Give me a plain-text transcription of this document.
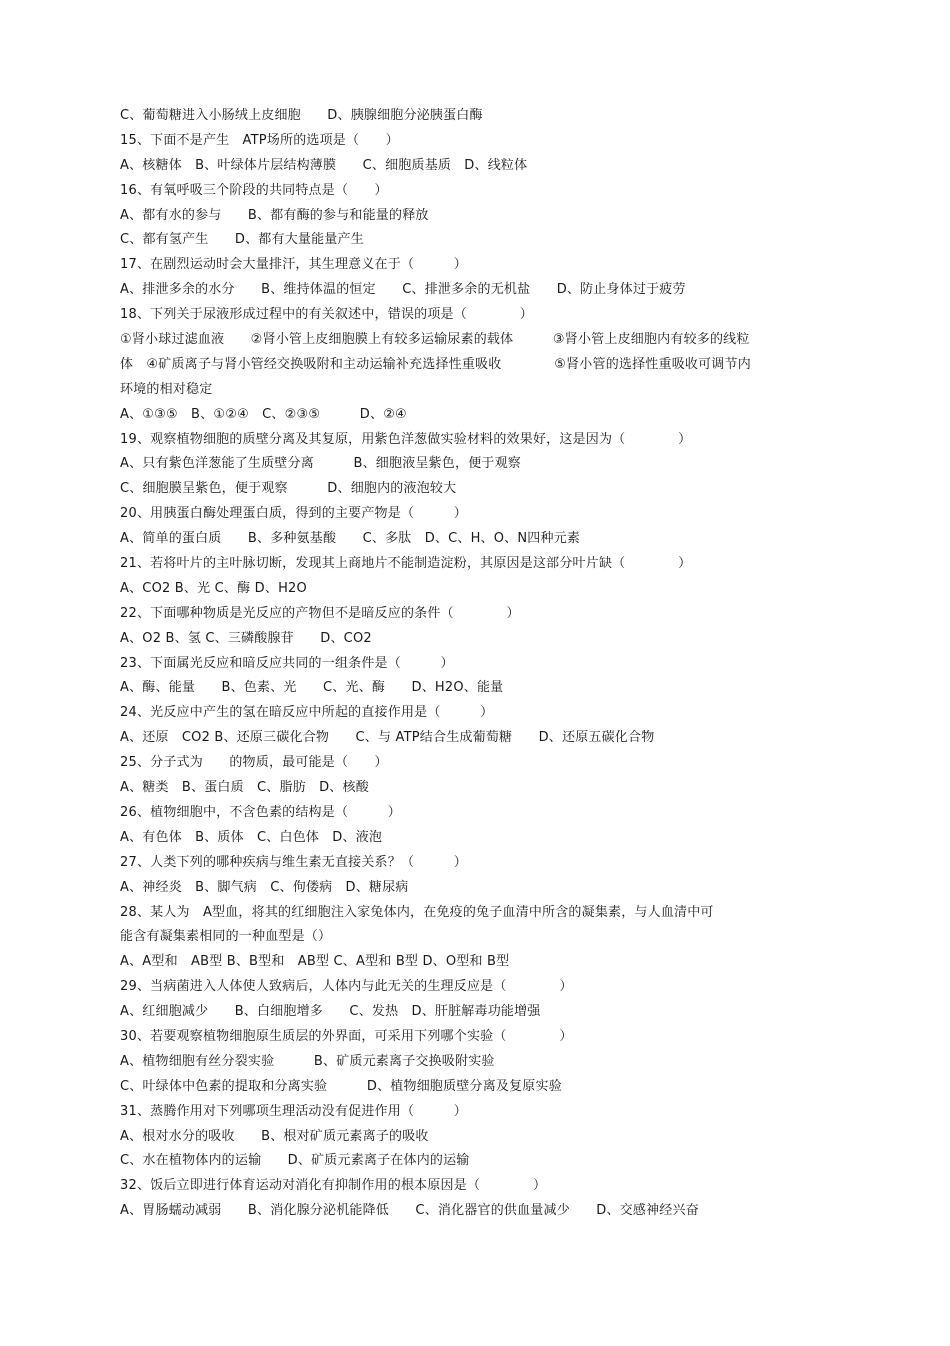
C、葡萄糖进入小肠绒上皮细胞　　D、胰腺细胞分泌胰蛋白酶
15、下面不是产生　ATP场所的选项是（　　）
A、核糖体　B、叶绿体片层结构薄膜　　C、细胞质基质　D、线粒体
16、有氧呼吸三个阶段的共同特点是（　　）
A、都有水的参与　　B、都有酶的参与和能量的释放
C、都有氢产生　　D、都有大量能量产生
17、在剧烈运动时会大量排汗，其生理意义在于（　　　）
A、排泄多余的水分　　B、维持体温的恒定　　C、排泄多余的无机盐　　D、防止身体过于疲劳
18、下列关于尿液形成过程中的有关叙述中，错误的项是（　　　　）
①肾小球过滤血液　　②肾小管上皮细胞膜上有较多运输尿素的载体　　　③肾小管上皮细胞内有较多的线粒
体　④矿质离子与肾小管经交换吸附和主动运输补充选择性重吸收　　　　⑤肾小管的选择性重吸收可调节内
环境的相对稳定
A、①③⑤　B、①②④　C、②③⑤　　　D、②④
19、观察植物细胞的质壁分离及其复原，用紫色洋葱做实验材料的效果好，这是因为（　　　　）
A、只有紫色洋葱能了生质壁分离　　　B、细胞液呈紫色，便于观察
C、细胞膜呈紫色，便于观察　　　D、细胞内的液泡较大
20、用胰蛋白酶处理蛋白质，得到的主要产物是（　　　）
A、简单的蛋白质　　B、多种氨基酸　　C、多肽　D、C、H、O、N四种元素
21、若将叶片的主叶脉切断，发现其上商地片不能制造淀粉，其原因是这部分叶片缺（　　　　）
A、CO2 B、光 C、酶 D、H2O
22、下面哪种物质是光反应的产物但不是暗反应的条件（　　　　）
A、O2 B、氢 C、三磷酸腺苷　　D、CO2
23、下面属光反应和暗反应共同的一组条件是（　　　）
A、酶、能量　　B、色素、光　　C、光、酶　　D、H2O、能量
24、光反应中产生的氢在暗反应中所起的直接作用是（　　　）
A、还原　CO2 B、还原三碳化合物　　C、与 ATP结合生成葡萄糖　　D、还原五碳化合物
25、分子式为　　的物质，最可能是（　　）
A、糖类　B、蛋白质　C、脂肪　D、核酸
26、植物细胞中，不含色素的结构是（　　　）
A、有色体　B、质体　C、白色体　D、液泡
27、人类下列的哪种疾病与维生素无直接关系？（　　　）
A、神经炎　B、脚气病　C、佝偻病　D、糖尿病
28、某人为　A型血，将其的红细胞注入家兔体内，在免疫的兔子血清中所含的凝集素，与人血清中可
能含有凝集素相同的一种血型是（）
A、A型和　AB型 B、B型和　AB型 C、A型和 B型 D、O型和 B型
29、当病菌进入人体使人致病后，人体内与此无关的生理反应是（　　　　）
A、红细胞减少　　B、白细胞增多　　C、发热　D、肝脏解毒功能增强
30、若要观察植物细胞原生质层的外界面，可采用下列哪个实验（　　　　）
A、植物细胞有丝分裂实验　　　B、矿质元素离子交换吸附实验
C、叶绿体中色素的提取和分离实验　　　D、植物细胞质壁分离及复原实验
31、蒸腾作用对下列哪项生理活动没有促进作用（　　　）
A、根对水分的吸收　　B、根对矿质元素离子的吸收
C、水在植物体内的运输　　D、矿质元素离子在体内的运输
32、饭后立即进行体育运动对消化有抑制作用的根本原因是（　　　　）
A、胃肠蠕动减弱　　B、消化腺分泌机能降低　　C、消化器官的供血量减少　　D、交感神经兴奋
